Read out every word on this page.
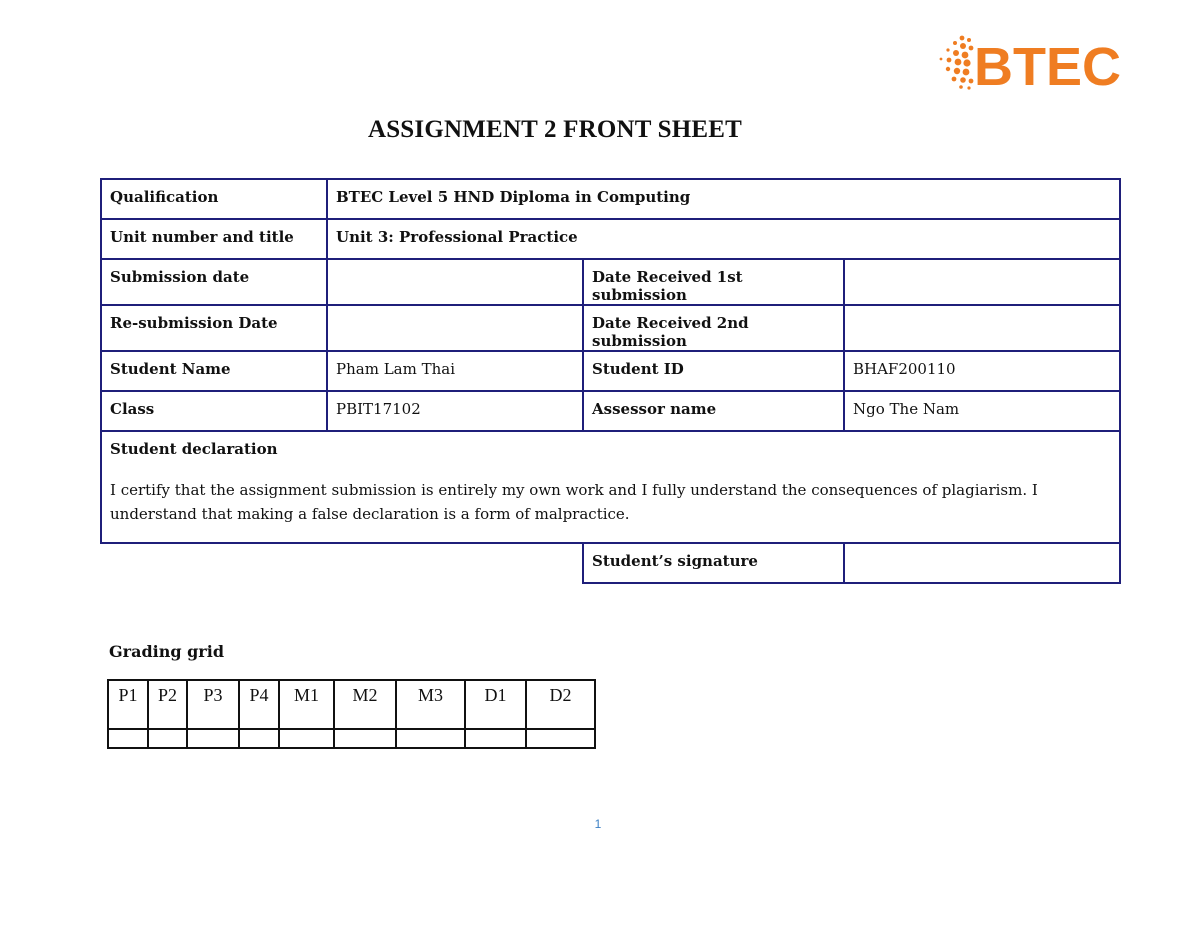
BTEC
ASSIGNMENT 2 FRONT SHEET
Qualification	BTEC Level 5 HND Diploma in Computing		
Unit number and title	Unit 3: Professional Practice		
Submission date		Date Received 1st submission	
Re-submission Date		Date Received 2nd submission	
Student Name	Pham Lam Thai	Student ID	BHAF200110
Class	PBIT17102	Assessor name	Ngo The Nam

Student declaration
I certify that the assignment submission is entirely my own work and I fully understand the consequences of plagiarism. I understand that making a false declaration is a form of malpractice.			

		Student’s signature	
Grading grid
P1	P2	P3	P4	M1	M2	M3	D1	D2

1
